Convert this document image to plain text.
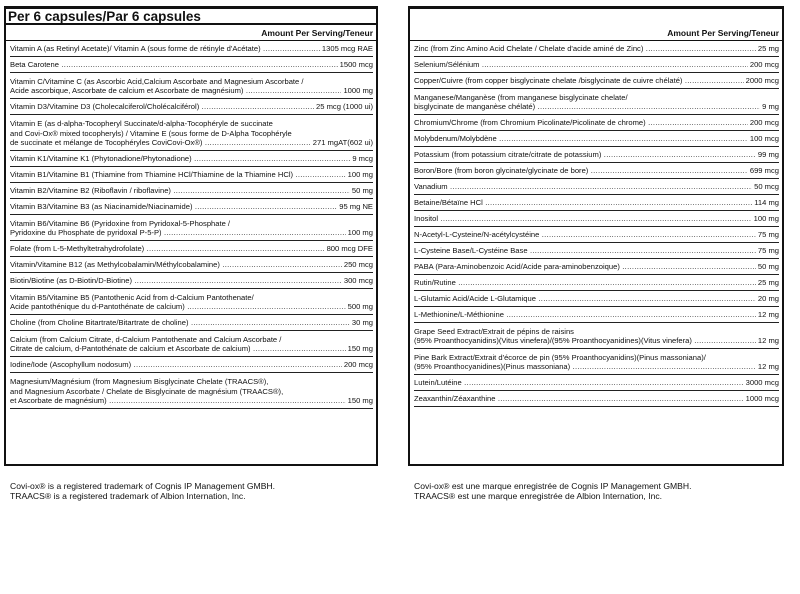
Per 6 capsules/Par 6 capsules
Amount Per Serving/Teneur
Vitamin A (as Retinyl Acetate)/ Vitamin A (sous forme de rétinyle d'Acétate) .....	1305 mcg RAE
Beta Carotene .....	1500 mcg
Vitamin C/Vitamine C (as Ascorbic Acid,Calcium Ascorbate and Magnesium Ascorbate /
Acide ascorbique, Ascorbate de calcium et Ascorbate de magnésium) .....	1000 mg
Vitamin D3/Vitamine D3 (Cholecalciferol/Cholécalciférol) .....	25 mcg (1000 ui)
Vitamin E (as d-alpha-Tocopheryl Succinate/d-alpha-Tocophéryle de succinate
and Covi-Ox® mixed tocopheryls) / Vitamine E (sous forme de D-Alpha Tocophéryle
de succinate et mélange de Tocophéryles CoviCovi-Ox®) .....	271 mgAT(602 ui)
Vitamin K1/Vitamine K1 (Phytonadione/Phytonadione) .....	9 mcg
Vitamin B1/Vitamine B1 (Thiamine from Thiamine HCl/Thiamine de la Thiamine HCl) .....	100 mg
Vitamin B2/Vitamine B2 (Riboflavin / riboflavine) .....	50 mg
Vitamin B3/Vitamine B3 (as Niacinamide/Niacinamide) .....	95 mg NE
Vitamin B6/Vitamine B6 (Pyridoxine from Pyridoxal-5-Phosphate /
Pyridoxine du Phosphate de pyridoxal P-5-P) .....	100 mg
Folate (from L-5-Methyltetrahydrofolate) .....	800 mcg DFE
Vitamin/Vitamine B12 (as Methylcobalamin/Méthylcobalamine) .....	250 mcg
Biotin/Biotine (as D-Biotin/D-Biotine) .....	300 mcg
Vitamin B5/Vitamine B5 (Pantothenic Acid from d-Calcium Pantothenate/
Acide pantothénique du d-Pantothénate de calcium) .....	500 mg
Choline (from Choline Bitartrate/Bitartrate de choline) .....	30 mg
Calcium (from Calcium Citrate, d-Calcium Pantothenate and Calcium Ascorbate /
Citrate de calcium, d-Pantothénate de calcium et Ascorbate de calcium) .....	150 mg
Iodine/Iode (Ascophyllum nodosum) .....	200 mcg
Magnesium/Magnésium (from Magnesium Bisglycinate Chelate (TRAACS®),
and Magnesium Ascorbate / Chelate de Bisglycinate de magnésium (TRAACS®),
et Ascorbate de magnésium) .....	150 mg
Amount Per Serving/Teneur
Zinc (from Zinc Amino Acid Chelate / Chelate d'acide aminé de Zinc) .....	25 mg
Selenium/Sélénium .....	200 mcg
Copper/Cuivre (from copper bisglycinate chelate /bisglycinate de cuivre chélaté) .....	2000 mcg
Manganese/Manganèse (from manganese bisglycinate chelate/
bisglycinate de manganèse chélaté) .....	9 mg
Chromium/Chrome (from Chromium Picolinate/Picolinate de chrome) .....	200 mcg
Molybdenum/Molybdène .....	100 mcg
Potassium (from potassium citrate/citrate de potassium) .....	99 mg
Boron/Bore (from boron glycinate/glycinate de bore) .....	699 mcg
Vanadium .....	50 mcg
Betaine/Bétaïne HCl .....	114 mg
Inositol .....	100 mg
N-Acetyl-L-Cysteine/N-acétylcystéine .....	75 mg
L-Cysteine Base/L-Cystéine Base .....	75 mg
PABA (Para-Aminobenzoic Acid/Acide para-aminobenzoique) .....	50 mg
Rutin/Rutine .....	25 mg
L-Glutamic Acid/Acide L-Glutamique .....	20 mg
L-Methionine/L-Méthionine .....	12 mg
Grape Seed Extract/Extrait de pépins de raisins
(95% Proanthocyanidins)(Vitus vinefera)/(95% Proanthocyanidines)(Vitus vinefera) .....	12 mg
Pine Bark Extract/Extrait d'écorce de pin (95% Proanthocyanidins)(Pinus massoniana)/
(95% Proanthocyanidines)(Pinus massoniana) .....	12 mg
Lutein/Lutéine .....	3000 mcg
Zeaxanthin/Zéaxanthine .....	1000 mcg
Covi-ox® is a registered trademark of Cognis IP Management GMBH.
TRAACS® is a registered trademark of Albion Internation, Inc.
Covi-ox® est une marque enregistrée de Cognis IP Management GMBH.
TRAACS® est une marque enregistrée de Albion Internation, Inc.
